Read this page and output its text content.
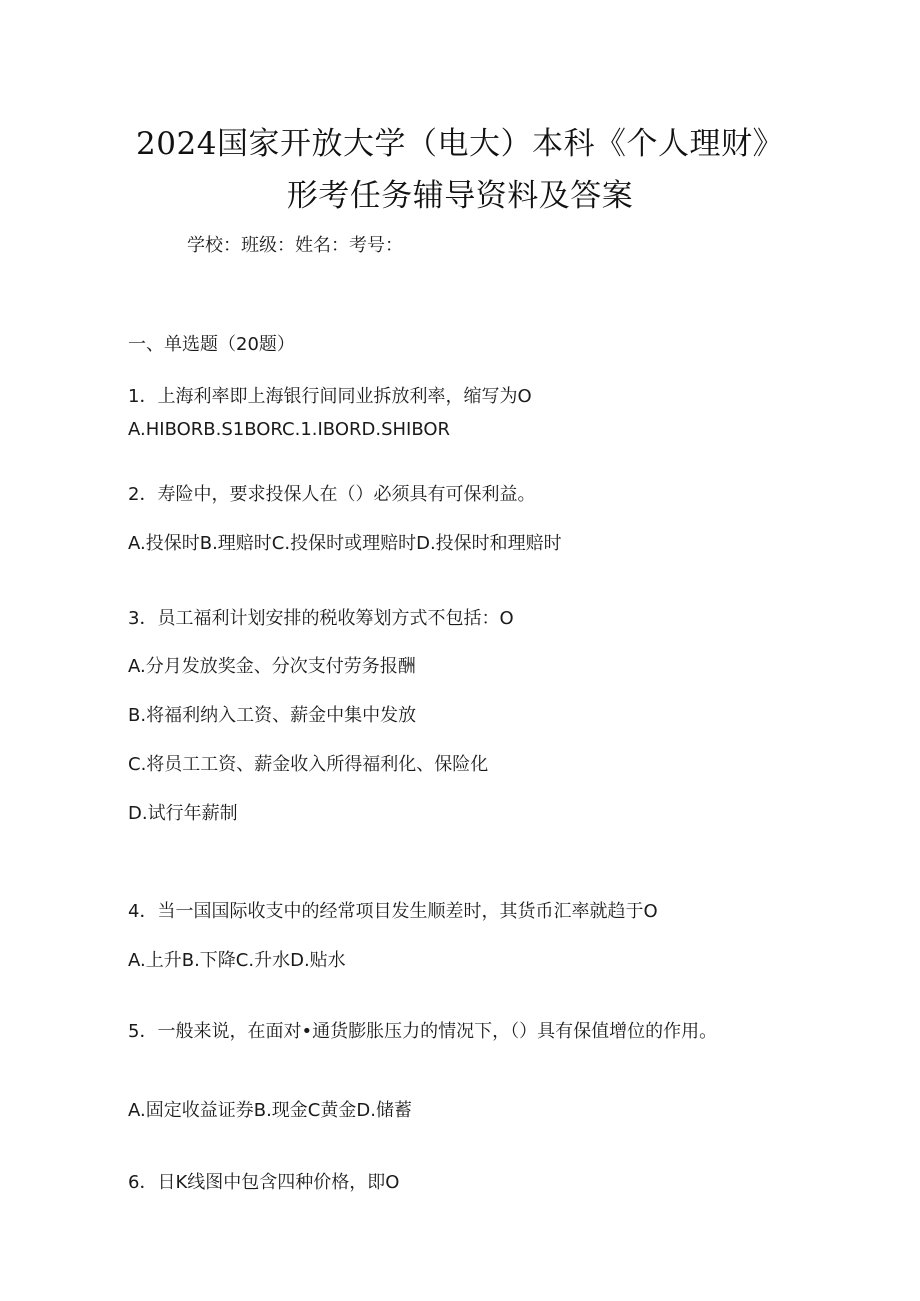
2024国家开放大学（电大）本科《个人理财》
形考任务辅导资料及答案
学校：班级：姓名：考号：
一、单选题（20题）
1．上海利率即上海银行间同业拆放利率，缩写为O
A.HIBORB.S1BORC.1.IBORD.SHIBOR
2．寿险中，要求投保人在（）必须具有可保利益。
A.投保时B.理赔时C.投保时或理赔时D.投保时和理赔时
3．员工福利计划安排的税收筹划方式不包括：O
A.分月发放奖金、分次支付劳务报酬
B.将福利纳入工资、薪金中集中发放
C.将员工工资、薪金收入所得福利化、保险化
D.试行年薪制
4．当一国国际收支中的经常项目发生顺差时，其货币汇率就趋于O
A.上升B.下降C.升水D.贴水
5．一般来说，在面对•通货膨胀压力的情况下，（）具有保值增位的作用。
A.固定收益证券B.现金C黄金D.储蓄
6．日K线图中包含四种价格，即O
